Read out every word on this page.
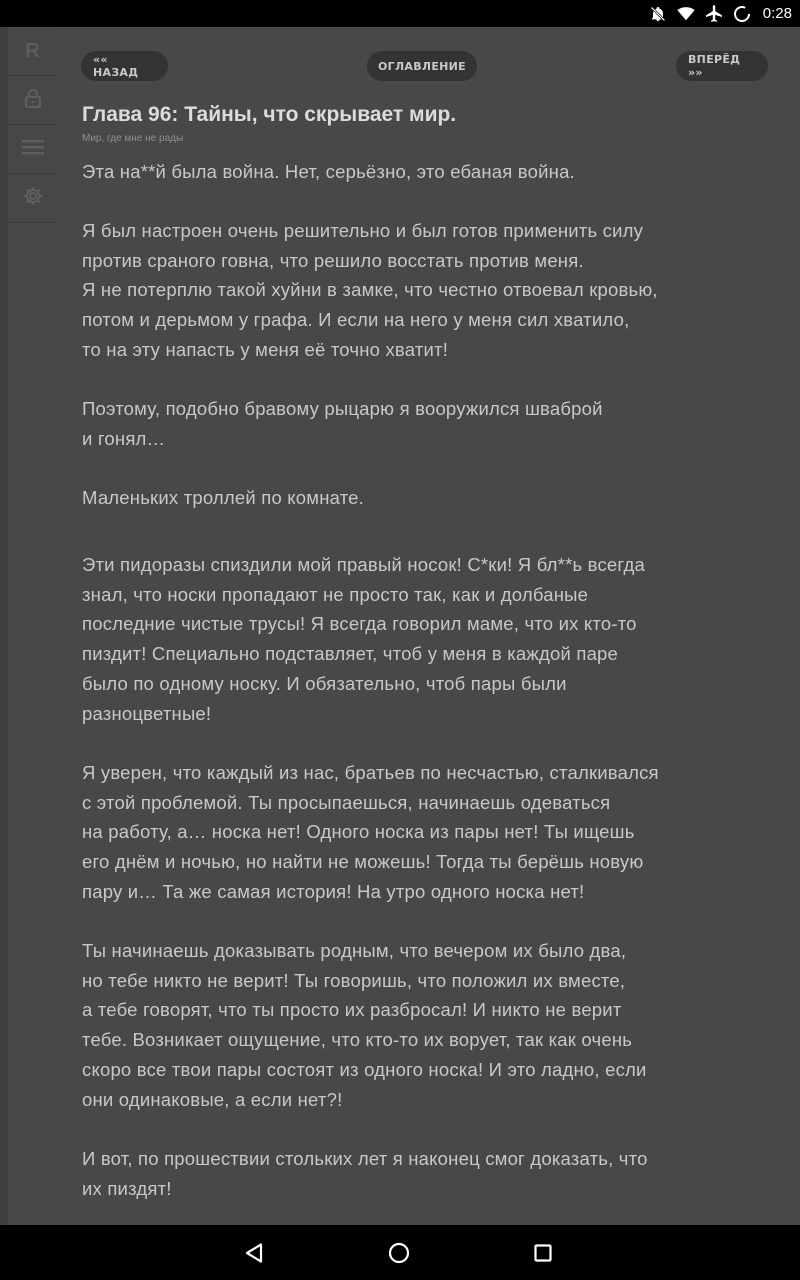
0:28
R	«« НАЗАД	ОГЛАВЛЕНИЕ	ВПЕРЁД »»
Глава 96: Тайны, что скрывает мир.
Мир, где мне не рады
Эта на**й была война. Нет, серьёзно, это ебаная война.
Я был настроен очень решительно и был готов применить силу
против сраного говна, что решило восстать против меня.
Я не потерплю такой хуйни в замке, что честно отвоевал кровью,
потом и дерьмом у графа. И если на него у меня сил хватило,
то на эту напасть у меня её точно хватит!
Поэтому, подобно бравому рыцарю я вооружился шваброй
и гонял…
Маленьких троллей по комнате.
Эти пидоразы спиздили мой правый носок! С*ки! Я бл**ь всегда
знал, что носки пропадают не просто так, как и долбаные
последние чистые трусы! Я всегда говорил маме, что их кто-то
пиздит! Специально подставляет, чтоб у меня в каждой паре
было по одному носку. И обязательно, чтоб пары были
разноцветные!
Я уверен, что каждый из нас, братьев по несчастью, сталкивался
с этой проблемой. Ты просыпаешься, начинаешь одеваться
на работу, а… носка нет! Одного носка из пары нет! Ты ищешь
его днём и ночью, но найти не можешь! Тогда ты берёшь новую
пару и… Та же самая история! На утро одного носка нет!
Ты начинаешь доказывать родным, что вечером их было два,
но тебе никто не верит! Ты говоришь, что положил их вместе,
а тебе говорят, что ты просто их разбросал! И никто не верит
тебе. Возникает ощущение, что кто-то их ворует, так как очень
скоро все твои пары состоят из одного носка! И это ладно, если
они одинаковые, а если нет?!
И вот, по прошествии стольких лет я наконец смог доказать, что
их пиздят!
